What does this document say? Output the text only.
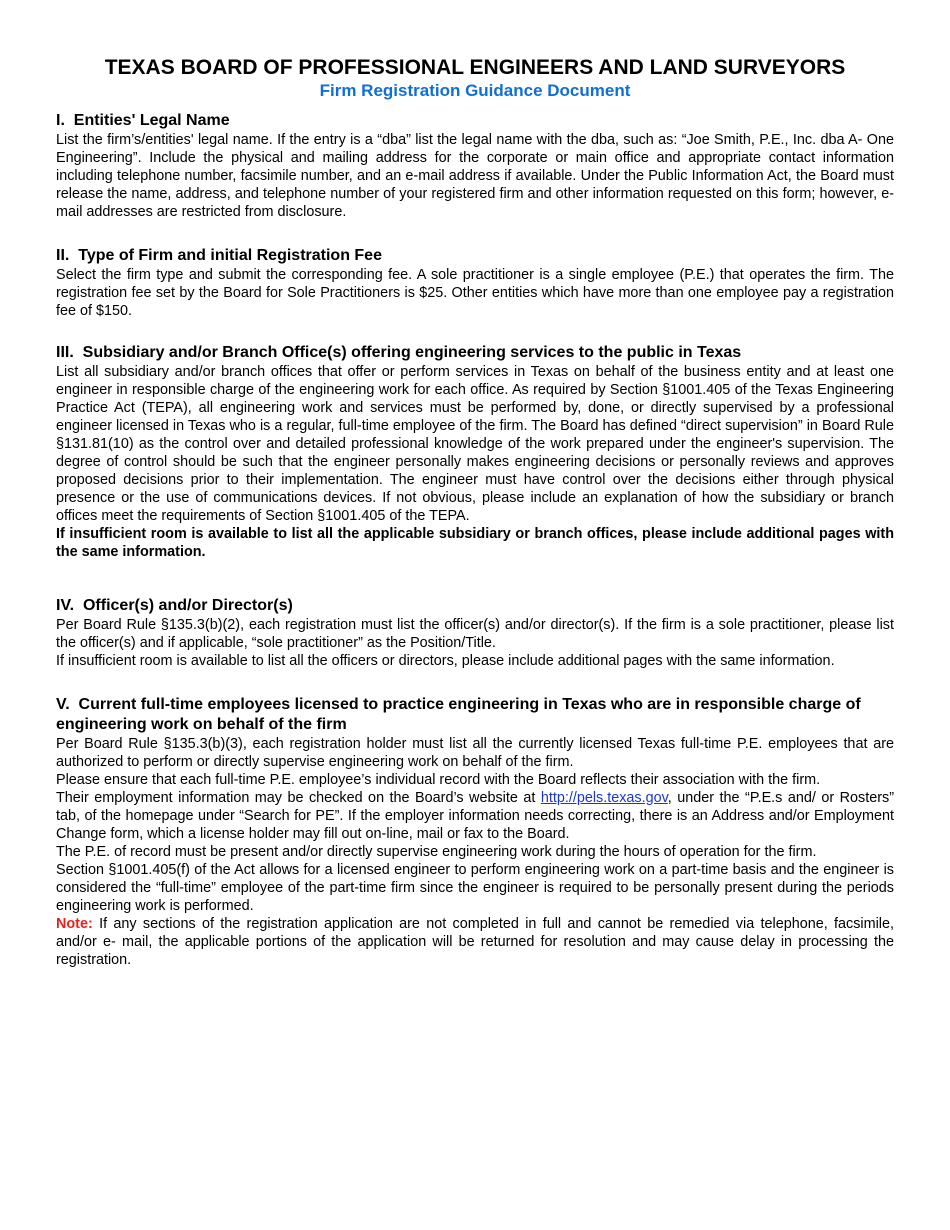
TEXAS BOARD OF PROFESSIONAL ENGINEERS AND LAND SURVEYORS
Firm Registration Guidance Document
I. Entities' Legal Name

List the firm’s/entities' legal name. If the entry is a “dba” list the legal name with the dba, such as: “Joe Smith, P.E., Inc. dba A- One Engineering”. Include the physical and mailing address for the corporate or main office and appropriate contact information including telephone number, facsimile number, and an e-mail address if available. Under the Public Information Act, the Board must release the name, address, and telephone number of your registered firm and other information requested on this form; however, e-mail addresses are restricted from disclosure.

II. Type of Firm and initial Registration Fee

Select the firm type and submit the corresponding fee. A sole practitioner is a single employee (P.E.) that operates the firm. The registration fee set by the Board for Sole Practitioners is $25. Other entities which have more than one employee pay a registration fee of $150.

III. Subsidiary and/or Branch Office(s) offering engineering services to the public in Texas

List all subsidiary and/or branch offices that offer or perform services in Texas on behalf of the business entity and at least one engineer in responsible charge of the engineering work for each office. As required by Section §1001.405 of the Texas Engineering Practice Act (TEPA), all engineering work and services must be performed by, done, or directly supervised by a professional engineer licensed in Texas who is a regular, full-time employee of the firm. The Board has defined “direct supervision” in Board Rule §131.81(10) as the control over and detailed professional knowledge of the work prepared under the engineer's supervision. The degree of control should be such that the engineer personally makes engineering decisions or personally reviews and approves proposed decisions prior to their implementation. The engineer must have control over the decisions either through physical presence or the use of communications devices. If not obvious, please include an explanation of how the subsidiary or branch offices meet the requirements of Section §1001.405 of the TEPA.

If insufficient room is available to list all the applicable subsidiary or branch offices, please include additional pages with the same information.

IV. Officer(s) and/or Director(s)

Per Board Rule §135.3(b)(2), each registration must list the officer(s) and/or director(s). If the firm is a sole practitioner, please list the officer(s) and if applicable, “sole practitioner” as the Position/Title.

If insufficient room is available to list all the officers or directors, please include additional pages with the same information.

V. Current full-time employees licensed to practice engineering in Texas who are in responsible charge of engineering work on behalf of the firm

Per Board Rule §135.3(b)(3), each registration holder must list all the currently licensed Texas full-time P.E. employees that are authorized to perform or directly supervise engineering work on behalf of the firm.

Please ensure that each full-time P.E. employee’s individual record with the Board reflects their association with the firm.

Their employment information may be checked on the Board’s website at http://pels.texas.gov, under the “P.E.s and/ or Rosters” tab, of the homepage under “Search for PE”. If the employer information needs correcting, there is an Address and/or Employment Change form, which a license holder may fill out on-line, mail or fax to the Board.

The P.E. of record must be present and/or directly supervise engineering work during the hours of operation for the firm.

Section §1001.405(f) of the Act allows for a licensed engineer to perform engineering work on a part-time basis and the engineer is considered the “full-time” employee of the part-time firm since the engineer is required to be personally present during the periods engineering work is performed.

Note: If any sections of the registration application are not completed in full and cannot be remedied via telephone, facsimile, and/or e- mail, the applicable portions of the application will be returned for resolution and may cause delay in processing the registration.
